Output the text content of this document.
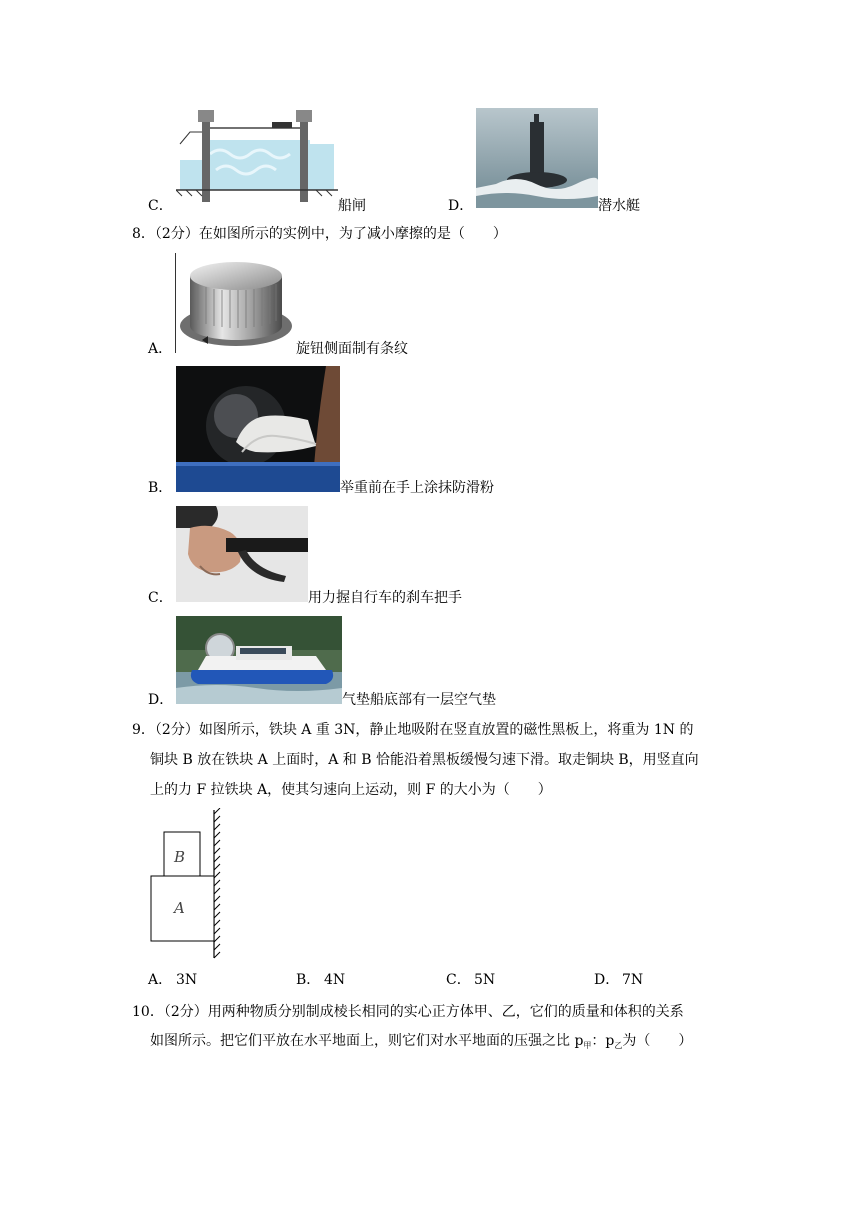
C．	船闸	D．	潜水艇
8．（2分）在如图所示的实例中，为了减小摩擦的是（　　）
A．	旋钮侧面制有条纹
B．	举重前在手上涂抹防滑粉
C．	用力握自行车的刹车把手
D．	气垫船底部有一层空气垫
9．（2分）如图所示，铁块 A 重 3N，静止地吸附在竖直放置的磁性黑板上，将重为 1N 的
铜块 B 放在铁块 A 上面时，A 和 B 恰能沿着黑板缓慢匀速下滑。取走铜块 B，用竖直向
上的力 F 拉铁块 A，使其匀速向上运动，则 F 的大小为（　　）
B
A
A． 3N	B． 4N	C． 5N	D． 7N
10．（2分）用两种物质分别制成棱长相同的实心正方体甲、乙，它们的质量和体积的关系
如图所示。把它们平放在水平地面上，则它们对水平地面的压强之比 $p_甲$：$p_乙$为（　　）
